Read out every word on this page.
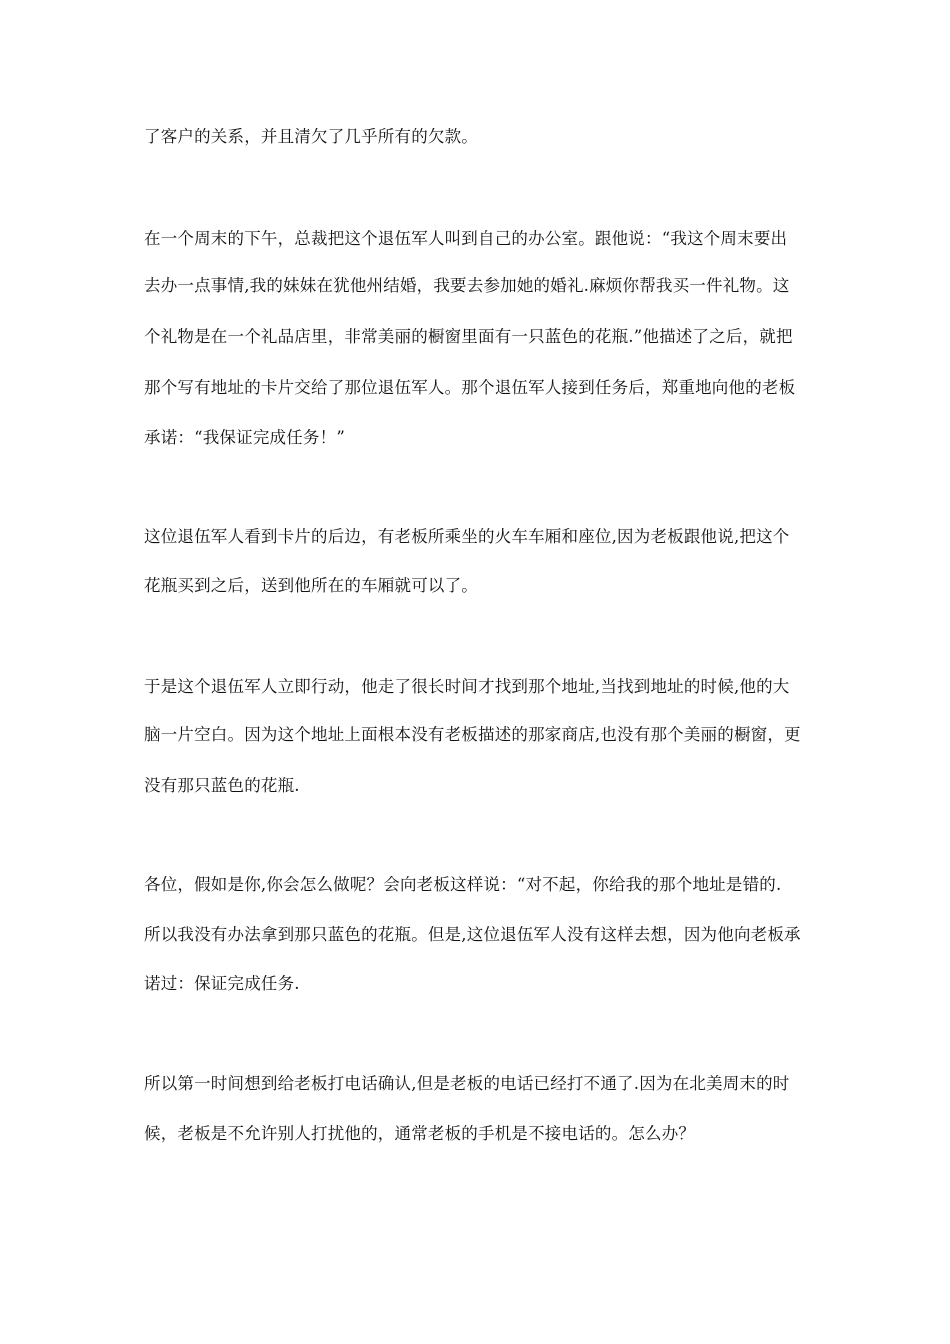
了客户的关系，并且清欠了几乎所有的欠款。
在一个周末的下午，总裁把这个退伍军人叫到自己的办公室。跟他说：“我这个周末要出
去办一点事情,我的妹妹在犹他州结婚，我要去参加她的婚礼.麻烦你帮我买一件礼物。这
个礼物是在一个礼品店里，非常美丽的橱窗里面有一只蓝色的花瓶.”他描述了之后，就把
那个写有地址的卡片交给了那位退伍军人。那个退伍军人接到任务后，郑重地向他的老板
承诺：“我保证完成任务！”
这位退伍军人看到卡片的后边，有老板所乘坐的火车车厢和座位,因为老板跟他说,把这个
花瓶买到之后，送到他所在的车厢就可以了。
于是这个退伍军人立即行动，他走了很长时间才找到那个地址,当找到地址的时候,他的大
脑一片空白。因为这个地址上面根本没有老板描述的那家商店,也没有那个美丽的橱窗，更
没有那只蓝色的花瓶.
各位，假如是你,你会怎么做呢？会向老板这样说：“对不起，你给我的那个地址是错的.
所以我没有办法拿到那只蓝色的花瓶。但是,这位退伍军人没有这样去想，因为他向老板承
诺过：保证完成任务.
所以第一时间想到给老板打电话确认,但是老板的电话已经打不通了.因为在北美周末的时
候，老板是不允许别人打扰他的，通常老板的手机是不接电话的。怎么办？
